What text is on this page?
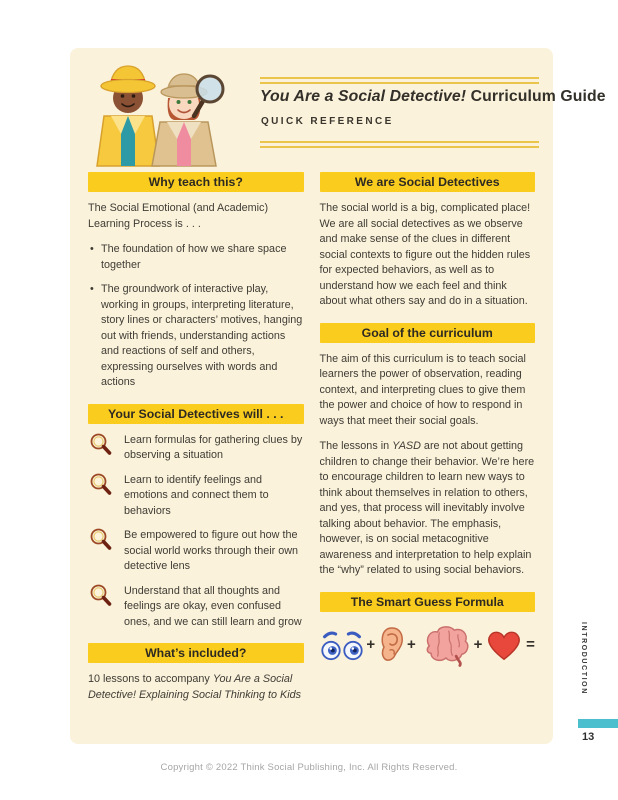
You Are a Social Detective! Curriculum Guide
QUICK REFERENCE
Why teach this?

The Social Emotional (and Academic) Learning Process is . . .

• The foundation of how we share space together
• The groundwork of interactive play, working in groups, interpreting literature, story lines or characters’ motives, hanging out with friends, understanding actions and reactions of self and others, expressing ourselves with words and actions
Your Social Detectives will . . .

Learn formulas for gathering clues by observing a situation

Learn to identify feelings and emotions and connect them to behaviors

Be empowered to figure out how the social world works through their own detective lens

Understand that all thoughts and feelings are okay, even confused ones, and we can still learn and grow

What’s included?

10 lessons to accompany You Are a Social Detective! Explaining Social Thinking to Kids

We are Social Detectives

The social world is a big, complicated place! We are all social detectives as we observe and make sense of the clues in different social contexts to figure out the hidden rules for expected behaviors, as well as to understand how we each feel and think about what others say and do in a situation.

Goal of the curriculum

The aim of this curriculum is to teach social learners the power of observation, reading context, and interpreting clues to give them the power and choice of how to respond in ways that meet their social goals.

The lessons in YASD are not about getting children to change their behavior. We’re here to encourage children to learn new ways to think about themselves in relation to others, and yes, that process will inevitably involve talking about behavior. The emphasis, however, is on social metacognitive awareness and interpretation to help explain the “why” related to using social behaviors.

The Smart Guess Formula
+ +	+	=	INTRODUCTION
13
Copyright © 2022 Think Social Publishing, Inc. All Rights Reserved.
